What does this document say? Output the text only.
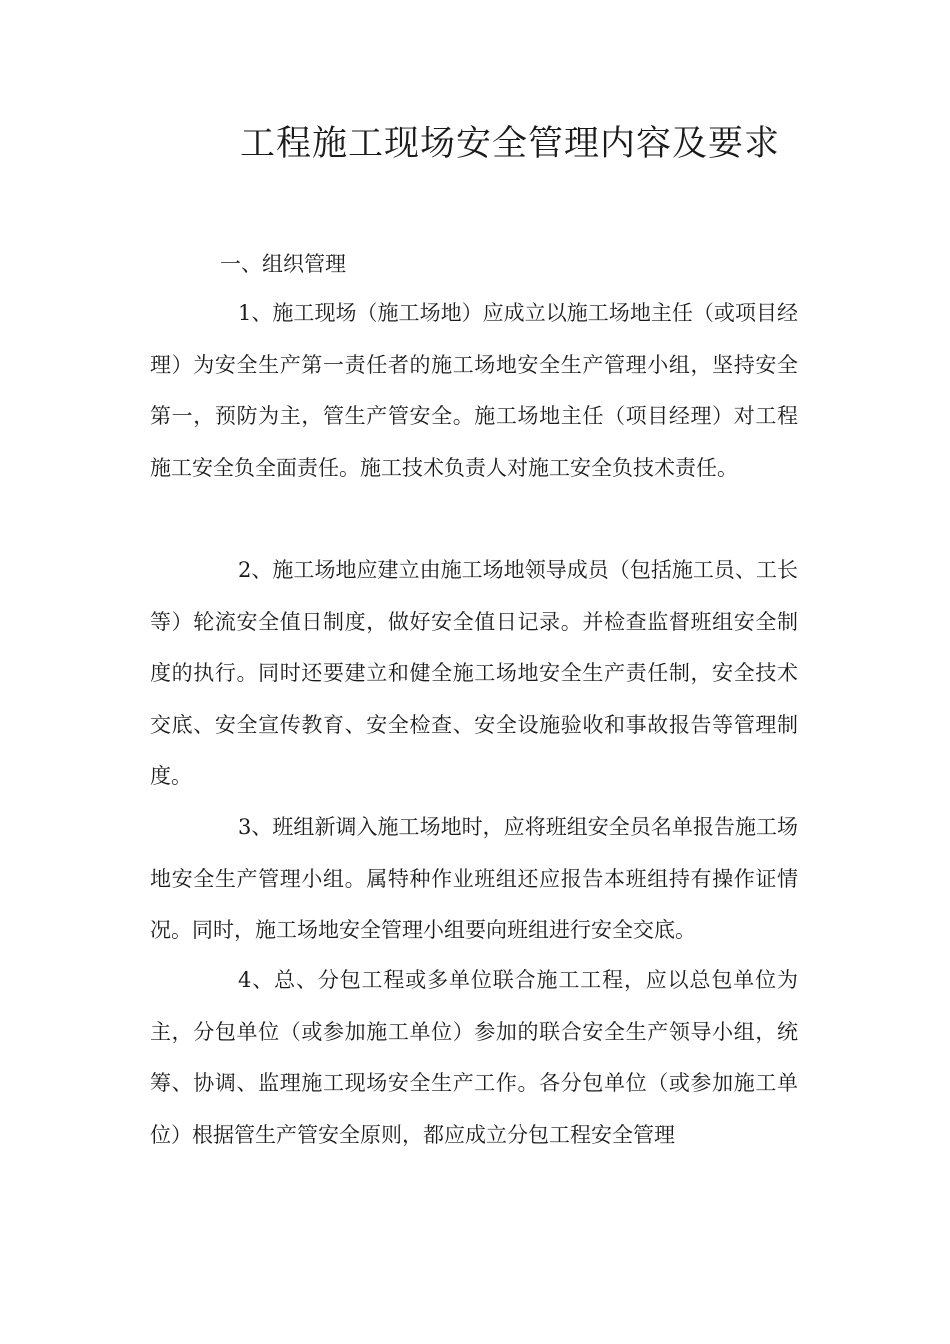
工程施工现场安全管理内容及要求
一、组织管理

1、施工现场（施工场地）应成立以施工场地主任（或项目经理）为安全生产第一责任者的施工场地安全生产管理小组，坚持安全第一，预防为主，管生产管安全。施工场地主任（项目经理）对工程施工安全负全面责任。施工技术负责人对施工安全负技术责任。

2、施工场地应建立由施工场地领导成员（包括施工员、工长等）轮流安全值日制度，做好安全值日记录。并检查监督班组安全制度的执行。同时还要建立和健全施工场地安全生产责任制，安全技术交底、安全宣传教育、安全检查、安全设施验收和事故报告等管理制度。

3、班组新调入施工场地时，应将班组安全员名单报告施工场地安全生产管理小组。属特种作业班组还应报告本班组持有操作证情况。同时，施工场地安全管理小组要向班组进行安全交底。

4、总、分包工程或多单位联合施工工程，应以总包单位为主，分包单位（或参加施工单位）参加的联合安全生产领导小组，统筹、协调、监理施工现场安全生产工作。各分包单位（或参加施工单位）根据管生产管安全原则，都应成立分包工程安全管理
